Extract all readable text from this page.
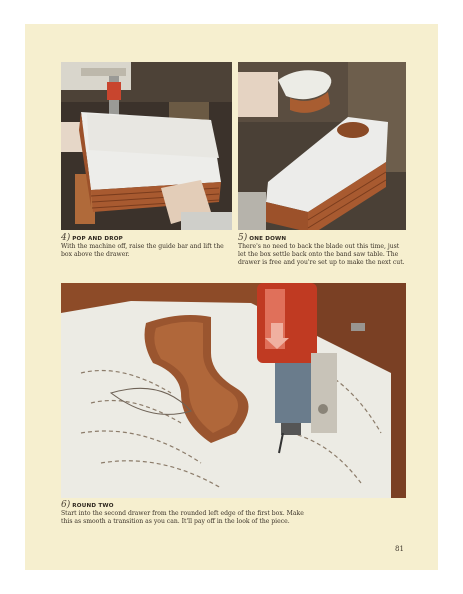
4) POP AND DROP
With the machine off, raise the guide bar and lift the box above the drawer.
5) ONE DOWN
There's no need to back the blade out this time, just let the box settle back onto the band saw table. The drawer is free and you're set up to make the next cut.
6) ROUND TWO
Start into the second drawer from the rounded left edge of the first box. Make this as smooth a transition as you can. It'll pay off in the look of the piece.
81
